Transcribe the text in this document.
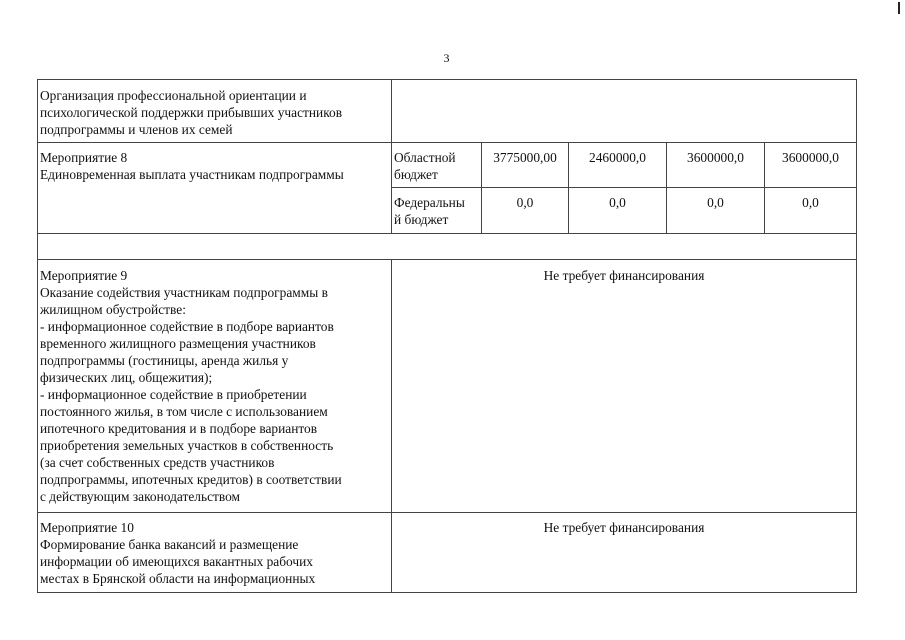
3
Организация профессиональной ориентации и
психологической поддержки прибывших участников
подпрограммы и членов их семей
Мероприятие 8
Единовременная выплата участникам подпрограммы
Областной
бюджет
3775000,00	2460000,0	3600000,0	3600000,0
Федеральны
й бюджет
0,0	0,0	0,0	0,0
Мероприятие 9
Оказание содействия участникам подпрограммы в
жилищном обустройстве:
- информационное содействие в подборе вариантов
временного жилищного размещения участников
подпрограммы (гостиницы, аренда жилья у
физических лиц, общежития);
- информационное содействие в приобретении
постоянного жилья, в том числе с использованием
ипотечного кредитования и в подборе вариантов
приобретения земельных участков в собственность
(за счет собственных средств участников
подпрограммы, ипотечных кредитов) в соответствии
с действующим законодательством
Не требует финансирования
Мероприятие 10
Формирование банка вакансий и размещение
информации об имеющихся вакантных рабочих
местах в Брянской области на информационных
Не требует финансирования
